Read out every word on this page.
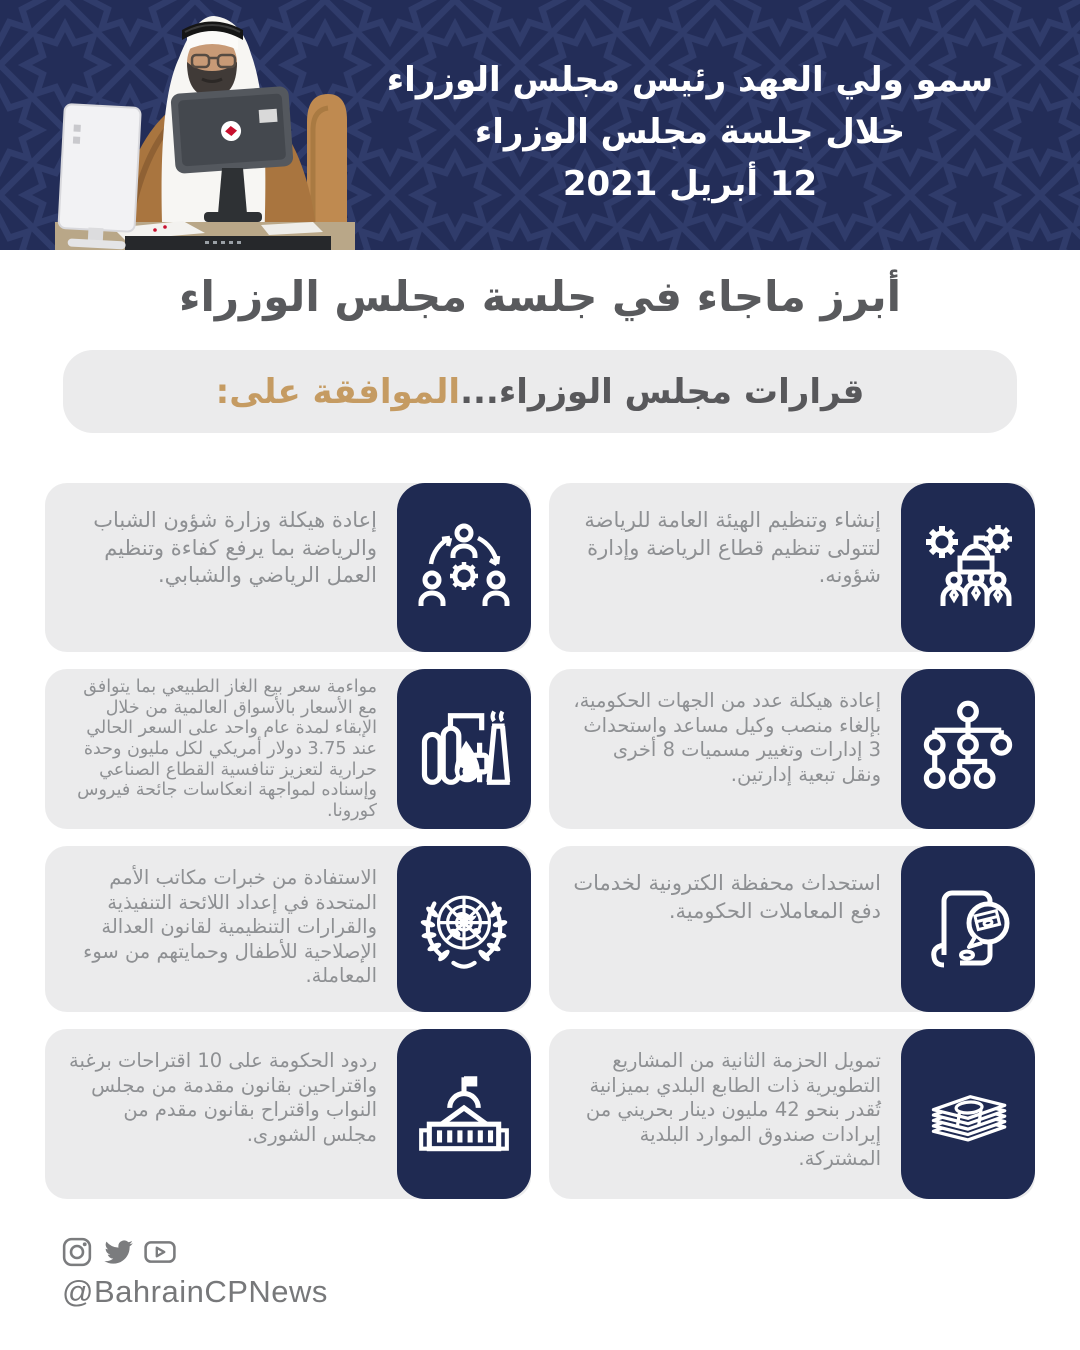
سمو ولي العهد رئيس مجلس الوزراء
خلال جلسة مجلس الوزراء
12 أبريل 2021
أبرز ماجاء في جلسة مجلس الوزراء
قرارات مجلس الوزراء...
الموافقة على:
إنشاء وتنظيم الهيئة العامة للرياضة لتتولى تنظيم قطاع الرياضة وإدارة شؤونه.
إعادة هيكلة وزارة شؤون الشباب والرياضة بما يرفع كفاءة وتنظيم العمل الرياضي والشبابي.
إعادة هيكلة عدد من الجهات الحكومية، بإلغاء منصب وكيل مساعد واستحداث 3 إدارات وتغيير مسميات 8 أخرى ونقل تبعية إدارتين.
مواءمة سعر بيع الغاز الطبيعي بما يتوافق مع الأسعار بالأسواق العالمية من خلال الإبقاء لمدة عام واحد على السعر الحالي عند 3.75 دولار أمريكي لكل مليون وحدة حرارية لتعزيز تنافسية القطاع الصناعي وإسناده لمواجهة انعكاسات جائحة فيروس كورونا.
استحداث محفظة الكترونية لخدمات دفع المعاملات الحكومية.
الاستفادة من خبرات مكاتب الأمم المتحدة في إعداد اللائحة التنفيذية والقرارات التنظيمية لقانون العدالة الإصلاحية للأطفال وحمايتهم من سوء المعاملة.
تمويل الحزمة الثانية من المشاريع التطويرية ذات الطابع البلدي بميزانية تُقدر بنحو 42 مليون دينار بحريني من إيرادات صندوق الموارد البلدية المشتركة.
ردود الحكومة على 10 اقتراحات برغبة واقتراحين بقانون مقدمة من مجلس النواب واقتراح بقانون مقدم من مجلس الشورى.
@BahrainCPNews
